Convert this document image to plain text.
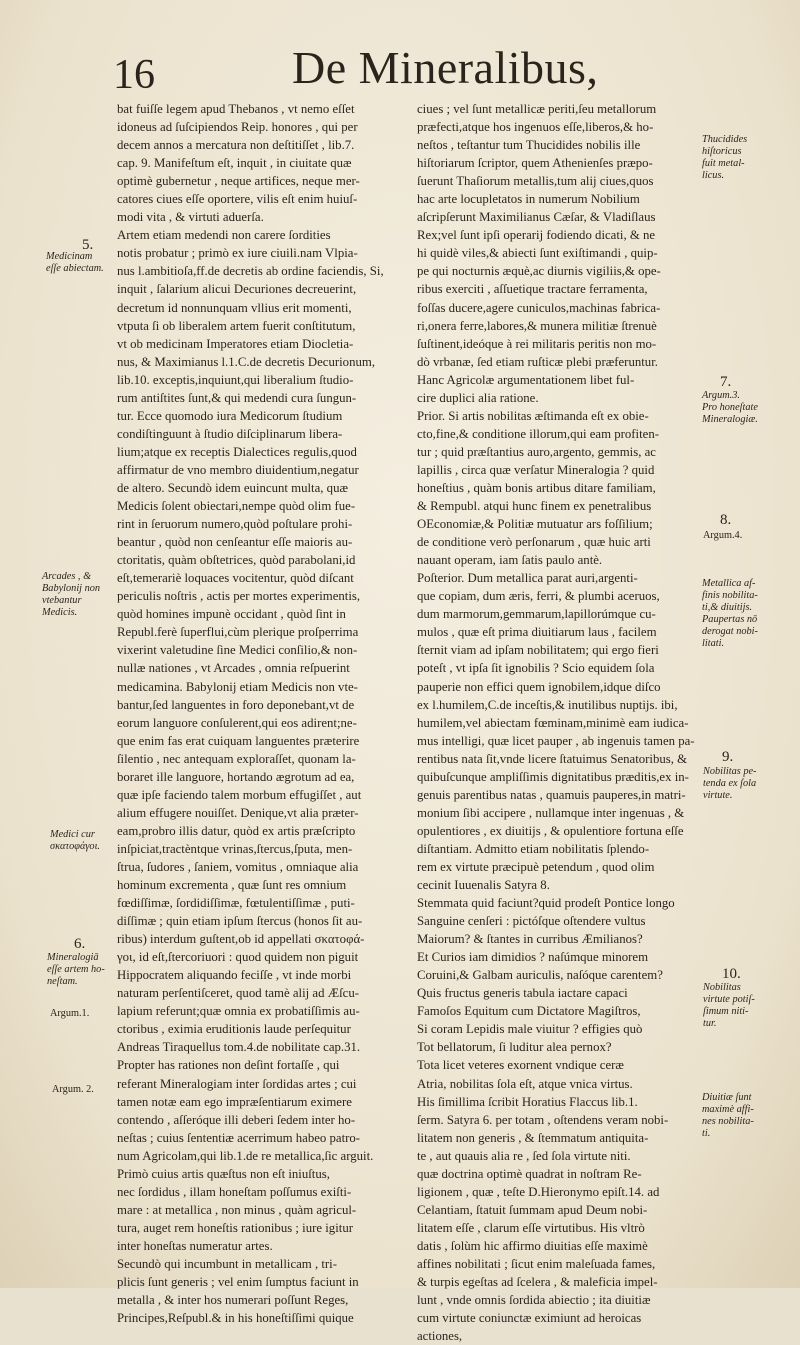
16	De Mineralibus,
bat fuiſſe legem apud Thebanos , vt nemo eſſet
idoneus ad ſuſcipiendos Reip. honores , qui per
decem annos a mercatura non deſtitiſſet , lib.7.
cap. 9. Manifeſtum eſt, inquit , in ciuitate quæ
optimè gubernetur , neque artifices, neque mer-
catores ciues eſſe oportere, vilis eſt enim huiuſ-
modi vita , & virtuti aduerſa.
Artem etiam medendi non carere ſordities
notis probatur ; primò ex iure ciuili.nam Vlpia-
nus l.ambitioſa,ff.de decretis ab ordine faciendis, Si,
inquit , ſalarium alicui Decuriones decreuerint,
decretum id nonnunquam vllius erit momenti,
vtputa ſi ob liberalem artem fuerit conſtitutum,
vt ob medicinam Imperatores etiam Diocletia-
nus, & Maximianus l.1.C.de decretis Decurionum,
lib.10. exceptis,inquiunt,qui liberalium ſtudio-
rum antiſtites ſunt,& qui medendi cura ſungun-
tur. Ecce quomodo iura Medicorum ſtudium
condiſtinguunt à ſtudio diſciplinarum libera-
lium;atque ex receptis Dialectices regulis,quod
affirmatur de vno membro diuidentium,negatur
de altero. Secundò idem euincunt multa, quæ
Medicis ſolent obiectari,nempe quòd olim fue-
rint in ſeruorum numero,quòd poſtulare prohi-
beantur , quòd non cenſeantur eſſe maioris au-
ctoritatis, quàm obſtetrices, quòd parabolani,id
eſt,temerariè loquaces vocitentur, quòd diſcant
periculis noſtris , actis per mortes experimentis,
quòd homines impunè occidant , quòd ſint in
Republ.ferè ſuperflui,cùm plerique proſperrima
vixerint valetudine ſine Medici conſilio,& non-
nullæ nationes , vt Arcades , omnia reſpuerint
medicamina. Babylonij etiam Medicis non vte-
bantur,ſed languentes in foro deponebant,vt de
eorum languore conſulerent,qui eos adirent;ne-
que enim fas erat cuiquam languentes præterire
ſilentio , nec antequam exploraſſet, quonam la-
boraret ille languore, hortando ægrotum ad ea,
quæ ipſe faciendo talem morbum effugiſſet , aut
alium effugere nouiſſet. Denique,vt alia præter-
eam,probro illis datur, quòd ex artis præſcripto
inſpiciat,tractèntque vrinas,ſtercus,ſputa, men-
ſtrua, ſudores , ſaniem, vomitus , omniaque alia
hominum excrementa , quæ ſunt res omnium
fœdiſſimæ, ſordidiſſimæ, fœtulentiſſimæ , puti-
diſſimæ ; quin etiam ipſum ſtercus (honos ſit au-
ribus) interdum guſtent,ob id appellati σκατοφά-
γοι, id eſt,ſtercoriuori : quod quidem non piguit
Hippocratem aliquando feciſſe , vt inde morbi
naturam perſentiſceret, quod tamè alij ad Æſcu-
lapium referunt;quæ omnia ex probatiſſimis au-
ctoribus , eximia eruditionis laude perſequitur
Andreas Tiraquellus tom.4.de nobilitate cap.31.
Propter has rationes non deſint fortaſſe , qui
referant Mineralogiam inter ſordidas artes ; cui
tamen notæ eam ego impræſentiarum eximere
contendo , aſſeróque illi deberi ſedem inter ho-
neſtas ; cuius ſententiæ acerrimum habeo patro-
num Agricolam,qui lib.1.de re metallica,ſic arguit.
Primò cuius artis quæſtus non eſt iniuſtus,
nec ſordidus , illam honeſtam poſſumus exiſti-
mare : at metallica , non minus , quàm agricul-
tura, auget rem honeſtis rationibus ; iure igitur
inter honeſtas numeratur artes.
Secundò qui incumbunt in metallicam , tri-
plicis ſunt generis ; vel enim ſumptus faciunt in
metalla , & inter hos numerari poſſunt Reges,
Principes,Reſpubl.& in his honeſtiſſimi quique
ciues ; vel ſunt metallicæ periti,ſeu metallorum
præfecti,atque hos ingenuos eſſe,liberos,& ho-
neſtos , teſtantur tum Thucidides nobilis ille
hiſtoriarum ſcriptor, quem Athenienſes præpo-
ſuerunt Thaſiorum metallis,tum alij ciues,quos
hac arte locupletatos in numerum Nobilium
aſcripſerunt Maximilianus Cæſar, & Vladiſlaus
Rex;vel ſunt ipſi operarij fodiendo dicati, & ne
hi quidè viles,& abiecti ſunt exiſtimandi , quip-
pe qui nocturnis æquè,ac diurnis vigiliis,& ope-
ribus exerciti , aſſuetique tractare ferramenta,
foſſas ducere,agere cuniculos,machinas fabrica-
ri,onera ferre,labores,& munera militiæ ſtrenuè
ſuſtinent,ideóque à rei militaris peritis non mo-
dò vrbanæ, ſed etiam ruſticæ plebi præferuntur.
Hanc Agricolæ argumentationem libet ful-
cire duplici alia ratione.
Prior. Si artis nobilitas æſtimanda eſt ex obie-
cto,fine,& conditione illorum,qui eam profiten-
tur ; quid præſtantius auro,argento, gemmis, ac
lapillis , circa quæ verſatur Mineralogia ? quid
honeſtius , quàm bonis artibus ditare familiam,
& Rempubl. atqui hunc finem ex penetralibus
OEconomiæ,& Politiæ mutuatur ars foſſilium;
de conditione verò perſonarum , quæ huic arti
nauant operam, iam ſatis paulo antè.
Poſterior. Dum metallica parat auri,argenti-
que copiam, dum æris, ferri, & plumbi aceruos,
dum marmorum,gemmarum,lapillorúmque cu-
mulos , quæ eſt prima diuitiarum laus , facilem
ſternit viam ad ipſam nobilitatem; qui ergo fieri
poteſt , vt ipſa ſit ignobilis ? Scio equidem ſola
pauperie non effici quem ignobilem,idque diſco
ex l.humilem,C.de inceſtis,& inutilibus nuptijs. ibi,
humilem,vel abiectam fœminam,minimè eam iudica-
mus intelligi, quæ licet pauper , ab ingenuis tamen pa-
rentibus nata ſit,vnde licere ſtatuimus Senatoribus, &
quibuſcunque ampliſſimis dignitatibus præditis,ex in-
genuis parentibus natas , quamuis pauperes,in matri-
monium ſibi accipere , nullamque inter ingenuas , &
opulentiores , ex diuitijs , & opulentiore fortuna eſſe
diſtantiam. Admitto etiam nobilitatis ſplendo-
rem ex virtute præcipuè petendum , quod olim
cecinit Iuuenalis Satyra 8.
Stemmata quid faciunt?quid prodeſt Pontice longo
Sanguine cenſeri : pictóſque oſtendere vultus
Maiorum? & ſtantes in curribus Æmilianos?
Et Curios iam dimidios ? naſúmque minorem
Coruini,& Galbam auriculis, naſóque carentem?
Quis fructus generis tabula iactare capaci
Famoſos Equitum cum Dictatore Magiſtros,
Si coram Lepidis male viuitur ? effigies quò
Tot bellatorum, ſi luditur alea pernox?
Tota licet veteres exornent vndique ceræ
Atria, nobilitas ſola eſt, atque vnica virtus.
His ſimillima ſcribit Horatius Flaccus lib.1.
ſerm. Satyra 6. per totam , oſtendens veram nobi-
litatem non generis , & ſtemmatum antiquita-
te , aut quauis alia re , ſed ſola virtute niti.
quæ doctrina optimè quadrat in noſtram Re-
ligionem , quæ , teſte D.Hieronymo epiſt.14. ad
Celantiam, ſtatuit ſummam apud Deum nobi-
litatem eſſe , clarum eſſe virtutibus. His vltrò
datis , ſolùm hic affirmo diuitias eſſe maximè
affines nobilitati ; ſicut enim maleſuada fames,
& turpis egeſtas ad ſcelera , & maleficia impel-
lunt , vnde omnis ſordida abiectio ; ita diuitiæ
cum virtute coniunctæ eximiunt ad heroicas
actiones,
5.
Medicinam
eſſe abiectam.
Arcades , &
Babylonij non
vtebantur
Medicis.
Medici cur
σκατοφάγοι.
6.
Mineralogiā
eſſe artem ho-
neſtam.
Argum.1.
Argum. 2.
Thucidides
hiſtoricus
fuit metal-
licus.
7.
Argum.3.
Pro honeſtate
Mineralogiæ.
8.
Argum.4.
Metallica af-
finis nobilita-
ti,& diuitijs.
Paupertas nō
derogat nobi-
litati.
9.
Nobilitas pe-
tenda ex ſola
virtute.
10.
Nobilitas
virtute potiſ-
ſimum niti-
tur.
Diuitiæ ſunt
maximè affi-
nes nobilita-
ti.
